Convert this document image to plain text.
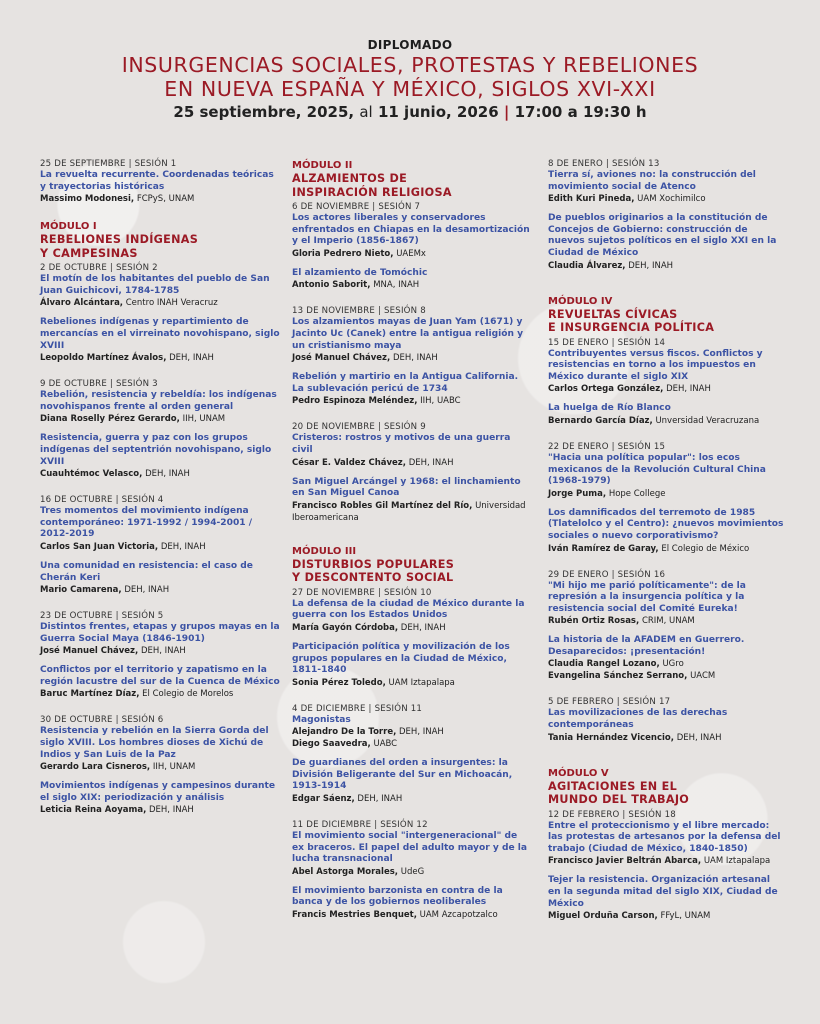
DIPLOMADO
INSURGENCIAS SOCIALES, PROTESTAS Y REBELIONES
EN NUEVA ESPAÑA Y MÉXICO, SIGLOS XVI-XXI
25 septiembre, 2025, al 11 junio, 2026 | 17:00 a 19:30 h
25 DE SEPTIEMBRE | SESIÓN 1
La revuelta recurrente. Coordenadas teóricas y trayectorias históricas
Massimo Modonesi, FCPyS, UNAM
MÓDULO I
REBELIONES INDÍGENAS
Y CAMPESINAS
2 DE OCTUBRE | SESIÓN 2
El motín de los habitantes del pueblo de San Juan Guichicovi, 1784-1785
Álvaro Alcántara, Centro INAH Veracruz
Rebeliones indígenas y repartimiento de mercancías en el virreinato novohispano, siglo XVIII
Leopoldo Martínez Ávalos, DEH, INAH
9 DE OCTUBRE | SESIÓN 3
Rebelión, resistencia y rebeldía: los indígenas novohispanos frente al orden general
Diana Roselly Pérez Gerardo, IIH, UNAM
Resistencia, guerra y paz con los grupos indígenas del septentrión novohispano, siglo XVIII
Cuauhtémoc Velasco, DEH, INAH
16 DE OCTUBRE | SESIÓN 4
Tres momentos del movimiento indígena contemporáneo: 1971-1992 / 1994-2001 / 2012-2019
Carlos San Juan Victoria, DEH, INAH
Una comunidad en resistencia: el caso de Cherán Keri
Mario Camarena, DEH, INAH
23 DE OCTUBRE | SESIÓN 5
Distintos frentes, etapas y grupos mayas en la Guerra Social Maya (1846-1901)
José Manuel Chávez, DEH, INAH
Conflictos por el territorio y zapatismo en la región lacustre del sur de la Cuenca de México
Baruc Martínez Díaz, El Colegio de Morelos
30 DE OCTUBRE | SESIÓN 6
Resistencia y rebelión en la Sierra Gorda del siglo XVIII. Los hombres dioses de Xichú de Indios y San Luis de la Paz
Gerardo Lara Cisneros, IIH, UNAM
Movimientos indígenas y campesinos durante el siglo XIX: periodización y análisis
Leticia Reina Aoyama, DEH, INAH
MÓDULO II
ALZAMIENTOS DE
INSPIRACIÓN RELIGIOSA
6 DE NOVIEMBRE | SESIÓN 7
Los actores liberales y conservadores enfrentados en Chiapas en la desamortización y el Imperio (1856-1867)
Gloria Pedrero Nieto, UAEMx
El alzamiento de Tomóchic
Antonio Saborit, MNA, INAH
13 DE NOVIEMBRE | SESIÓN 8
Los alzamientos mayas de Juan Yam (1671) y Jacinto Uc (Canek) entre la antigua religión y un cristianismo maya
José Manuel Chávez, DEH, INAH
Rebelión y martirio en la Antigua California. La sublevación pericú de 1734
Pedro Espinoza Meléndez, IIH, UABC
20 DE NOVIEMBRE | SESIÓN 9
Cristeros: rostros y motivos de una guerra civil
César E. Valdez Chávez, DEH, INAH
San Miguel Arcángel y 1968: el linchamiento en San Miguel Canoa
Francisco Robles Gil Martínez del Río, Universidad Iberoamericana
MÓDULO III
DISTURBIOS POPULARES
Y DESCONTENTO SOCIAL
27 DE NOVIEMBRE | SESIÓN 10
La defensa de la ciudad de México durante la guerra con los Estados Unidos
María Gayón Córdoba, DEH, INAH
Participación política y movilización de los grupos populares en la Ciudad de México, 1811-1840
Sonia Pérez Toledo, UAM Iztapalapa
4 DE DICIEMBRE | SESIÓN 11
Magonistas
Alejandro De la Torre, DEH, INAH
Diego Saavedra, UABC
De guardianes del orden a insurgentes: la División Beligerante del Sur en Michoacán, 1913-1914
Edgar Sáenz, DEH, INAH
11 DE DICIEMBRE | SESIÓN 12
El movimiento social "intergeneracional" de ex braceros. El papel del adulto mayor y de la lucha transnacional
Abel Astorga Morales, UdeG
El movimiento barzonista en contra de la banca y de los gobiernos neoliberales
Francis Mestries Benquet, UAM Azcapotzalco
8 DE ENERO | SESIÓN 13
Tierra sí, aviones no: la construcción del movimiento social de Atenco
Edith Kuri Pineda, UAM Xochimilco
De pueblos originarios a la constitución de Concejos de Gobierno: construcción de nuevos sujetos políticos en el siglo XXI en la Ciudad de México
Claudia Álvarez, DEH, INAH
MÓDULO IV
REVUELTAS CÍVICAS
E INSURGENCIA POLÍTICA
15 DE ENERO | SESIÓN 14
Contribuyentes versus fiscos. Conflictos y resistencias en torno a los impuestos en México durante el siglo XIX
Carlos Ortega González, DEH, INAH
La huelga de Río Blanco
Bernardo García Díaz, Unversidad Veracruzana
22 DE ENERO | SESIÓN 15
"Hacia una política popular": los ecos mexicanos de la Revolución Cultural China (1968-1979)
Jorge Puma, Hope College
Los damnificados del terremoto de 1985 (Tlatelolco y el Centro): ¿nuevos movimientos sociales o nuevo corporativismo?
Iván Ramírez de Garay, El Colegio de México
29 DE ENERO | SESIÓN 16
"Mi hijo me parió políticamente": de la represión a la insurgencia política y la resistencia social del Comité Eureka!
Rubén Ortiz Rosas, CRIM, UNAM
La historia de la AFADEM en Guerrero. Desaparecidos: ¡presentación!
Claudia Rangel Lozano, UGro
Evangelina Sánchez Serrano, UACM
5 DE FEBRERO | SESIÓN 17
Las movilizaciones de las derechas contemporáneas
Tania Hernández Vicencio, DEH, INAH
MÓDULO V
AGITACIONES EN EL
MUNDO DEL TRABAJO
12 DE FEBRERO | SESIÓN 18
Entre el proteccionismo y el libre mercado: las protestas de artesanos por la defensa del trabajo (Ciudad de México, 1840-1850)
Francisco Javier Beltrán Abarca, UAM Iztapalapa
Tejer la resistencia. Organización artesanal en la segunda mitad del siglo XIX, Ciudad de México
Miguel Orduña Carson, FFyL, UNAM
